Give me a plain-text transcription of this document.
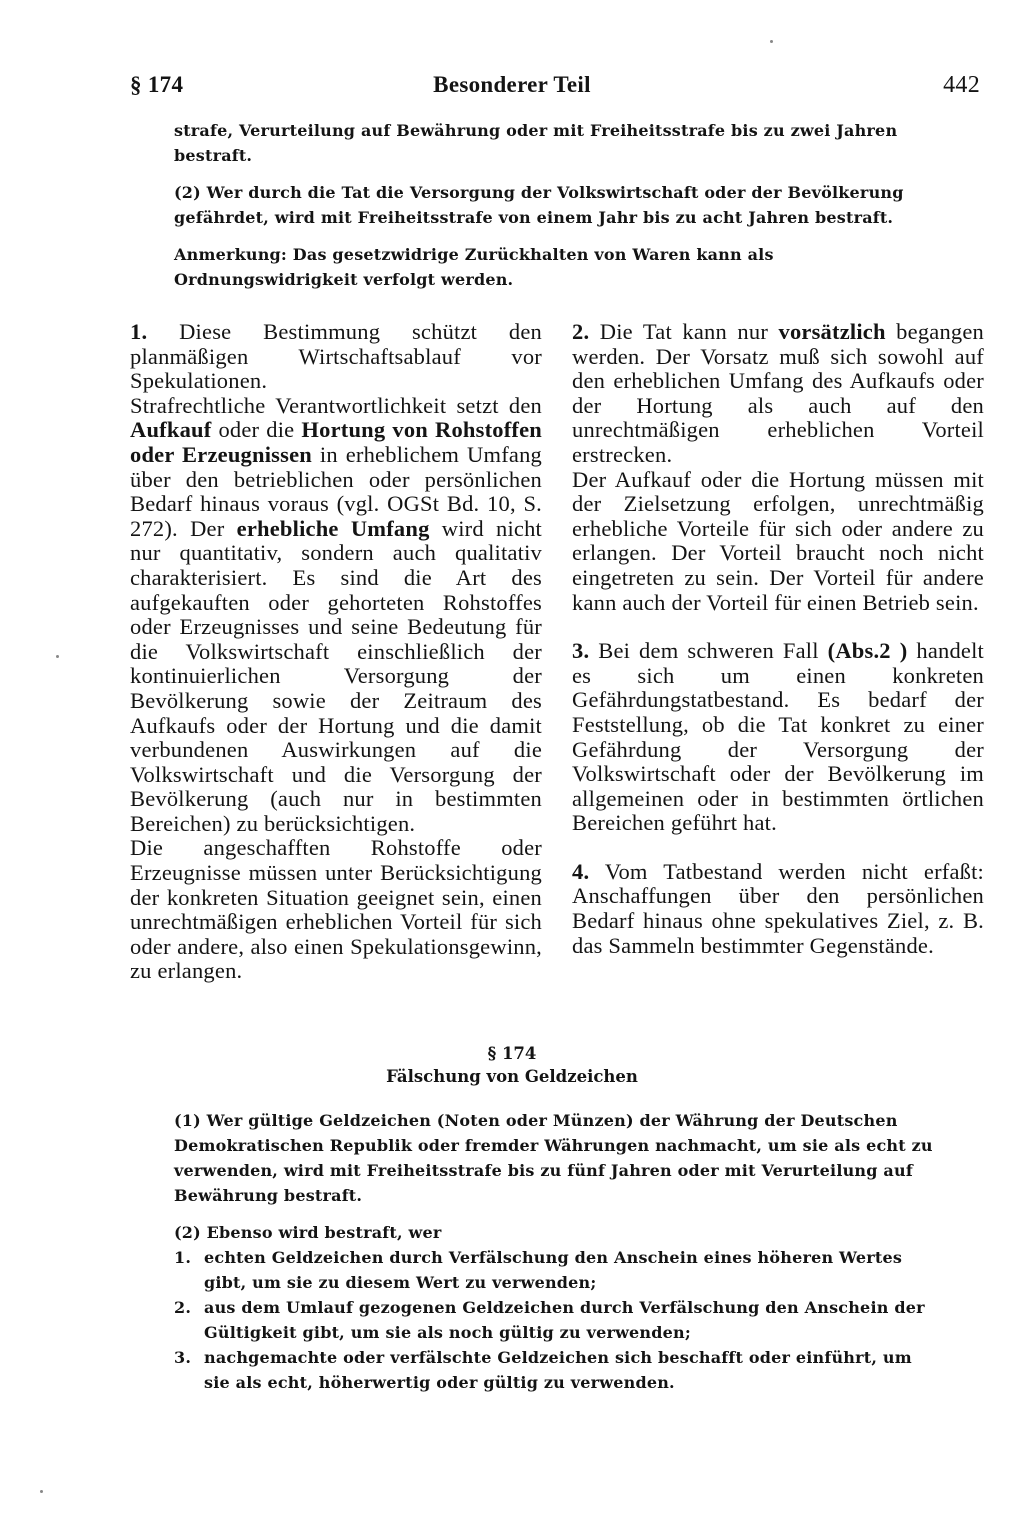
§ 174	Besonderer Teil	442

strafe, Verurteilung auf Bewährung oder mit Freiheitsstrafe bis zu zwei Jahren bestraft.

(2) Wer durch die Tat die Versorgung der Volkswirtschaft oder der Bevölkerung gefährdet, wird mit Freiheitsstrafe von einem Jahr bis zu acht Jahren bestraft.

Anmerkung: Das gesetzwidrige Zurückhalten von Waren kann als Ordnungswidrigkeit verfolgt werden.

1. Diese Bestimmung schützt den planmäßigen Wirtschaftsablauf vor Spekulationen.

Strafrechtliche Verantwortlichkeit setzt den Aufkauf oder die Hortung von Rohstoffen oder Erzeugnissen in erheblichem Umfang über den betrieblichen oder persönlichen Bedarf hinaus voraus (vgl. OGSt Bd. 10, S. 272). Der erhebliche Umfang wird nicht nur quantitativ, sondern auch qualitativ charakterisiert. Es sind die Art des aufgekauften oder gehorteten Rohstoffes oder Erzeugnisses und seine Bedeutung für die Volkswirtschaft einschließlich der kontinuierlichen Versorgung der Bevölkerung sowie der Zeitraum des Aufkaufs oder der Hortung und die damit verbundenen Auswirkungen auf die Volkswirtschaft und die Versorgung der Bevölkerung (auch nur in bestimmten Bereichen) zu berücksichtigen.

Die angeschafften Rohstoffe oder Erzeugnisse müssen unter Berücksichtigung der konkreten Situation geeignet sein, einen unrechtmäßigen erheblichen Vorteil für sich oder andere, also einen Spekulationsgewinn, zu erlangen.

2. Die Tat kann nur vorsätzlich begangen werden. Der Vorsatz muß sich sowohl auf den erheblichen Umfang des Aufkaufs oder der Hortung als auch auf den unrechtmäßigen erheblichen Vorteil erstrecken.

Der Aufkauf oder die Hortung müssen mit der Zielsetzung erfolgen, unrechtmäßig erhebliche Vorteile für sich oder andere zu erlangen. Der Vorteil braucht noch nicht eingetreten zu sein. Der Vorteil für andere kann auch der Vorteil für einen Betrieb sein.

3. Bei dem schweren Fall (Abs.2 ) handelt es sich um einen konkreten Gefährdungstatbestand. Es bedarf der Feststellung, ob die Tat konkret zu einer Gefährdung der Versorgung der Volkswirtschaft oder der Bevölkerung im allgemeinen oder in bestimmten örtlichen Bereichen geführt hat.

4. Vom Tatbestand werden nicht erfaßt: Anschaffungen über den persönlichen Bedarf hinaus ohne spekulatives Ziel, z. B. das Sammeln bestimmter Gegenstände.

§ 174
Fälschung von Geldzeichen

(1) Wer gültige Geldzeichen (Noten oder Münzen) der Währung der Deutschen Demokratischen Republik oder fremder Währungen nachmacht, um sie als echt zu verwenden, wird mit Freiheitsstrafe bis zu fünf Jahren oder mit Verurteilung auf Bewährung bestraft.

(2) Ebenso wird bestraft, wer

1. echten Geldzeichen durch Verfälschung den Anschein eines höheren Wertes gibt, um sie zu diesem Wert zu verwenden;
2. aus dem Umlauf gezogenen Geldzeichen durch Verfälschung den Anschein der Gültigkeit gibt, um sie als noch gültig zu verwenden;
3. nachgemachte oder verfälschte Geldzeichen sich beschafft oder einführt, um sie als echt, höherwertig oder gültig zu verwenden.
